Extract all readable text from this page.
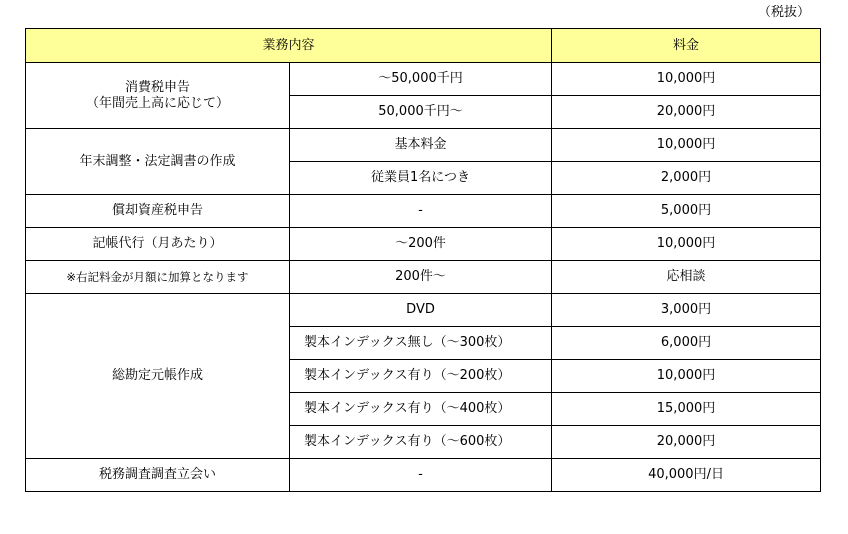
（税抜）
業務内容		料金

消費税申告
（年間売上高に応じて）	～50,000千円	10,000円
	50,000千円～	20,000円
年末調整・法定調書の作成	基本料金	10,000円
	従業員1名につき	2,000円
償却資産税申告	-	5,000円
記帳代行（月あたり）	～200件	10,000円
※右記料金が月額に加算となります	200件～	応相談
総勘定元帳作成	DVD	3,000円
	製本インデックス無し（～300枚）	6,000円
	製本インデックス有り（～200枚）	10,000円
	製本インデックス有り（～400枚）	15,000円
	製本インデックス有り（～600枚）	20,000円
税務調査調査立会い	-	40,000円/日
